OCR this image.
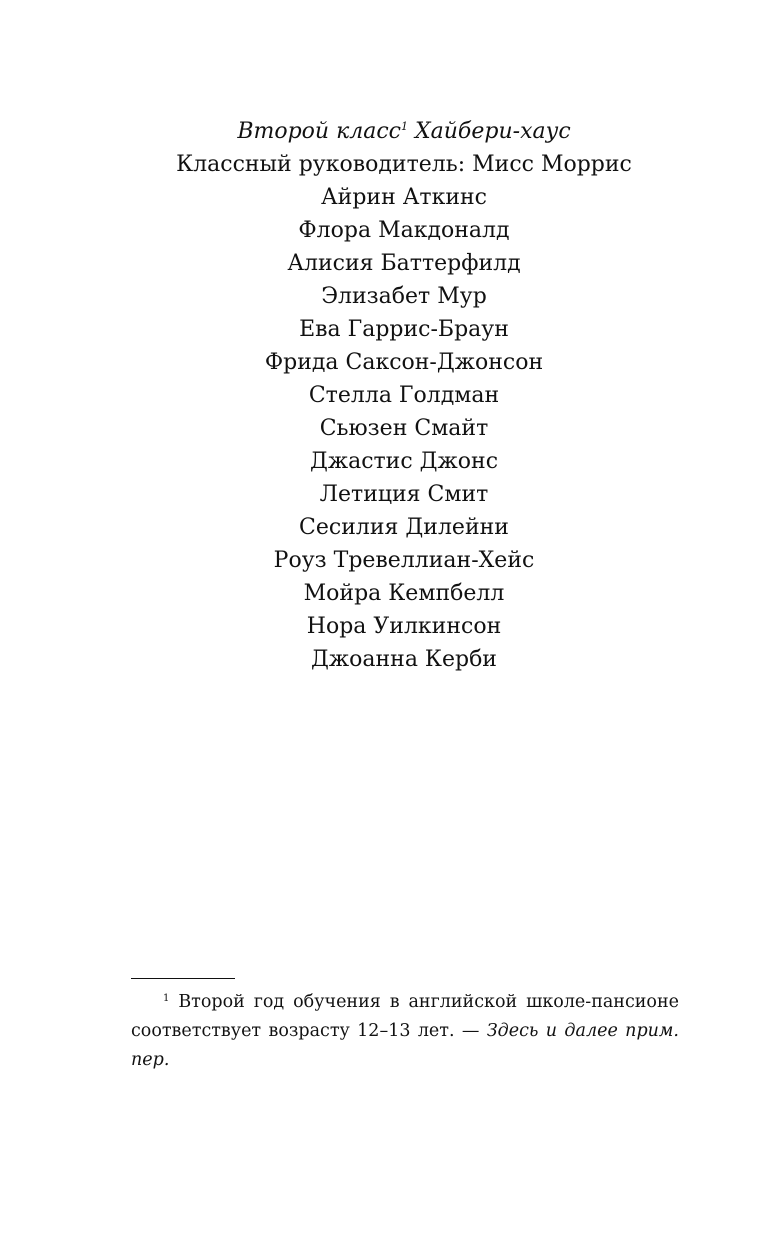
Второй класс$^1$ Хайбери-хаус

Классный руководитель: Мисс Моррис

Айрин Аткинс
Флора Макдоналд
Алисия Баттерфилд
Элизабет Мур
Ева Гаррис-Браун
Фрида Саксон-Джонсон
Стелла Голдман
Сьюзен Смайт
Джастис Джонс
Летиция Смит
Сесилия Дилейни
Роуз Тревеллиан-Хейс
Мойра Кемпбелл
Нора Уилкинсон
Джоанна Керби

$^1$ Второй год обучения в английской школе-пансионе соответствует возрасту 12–13 лет. — Здесь и далее прим. пер.
